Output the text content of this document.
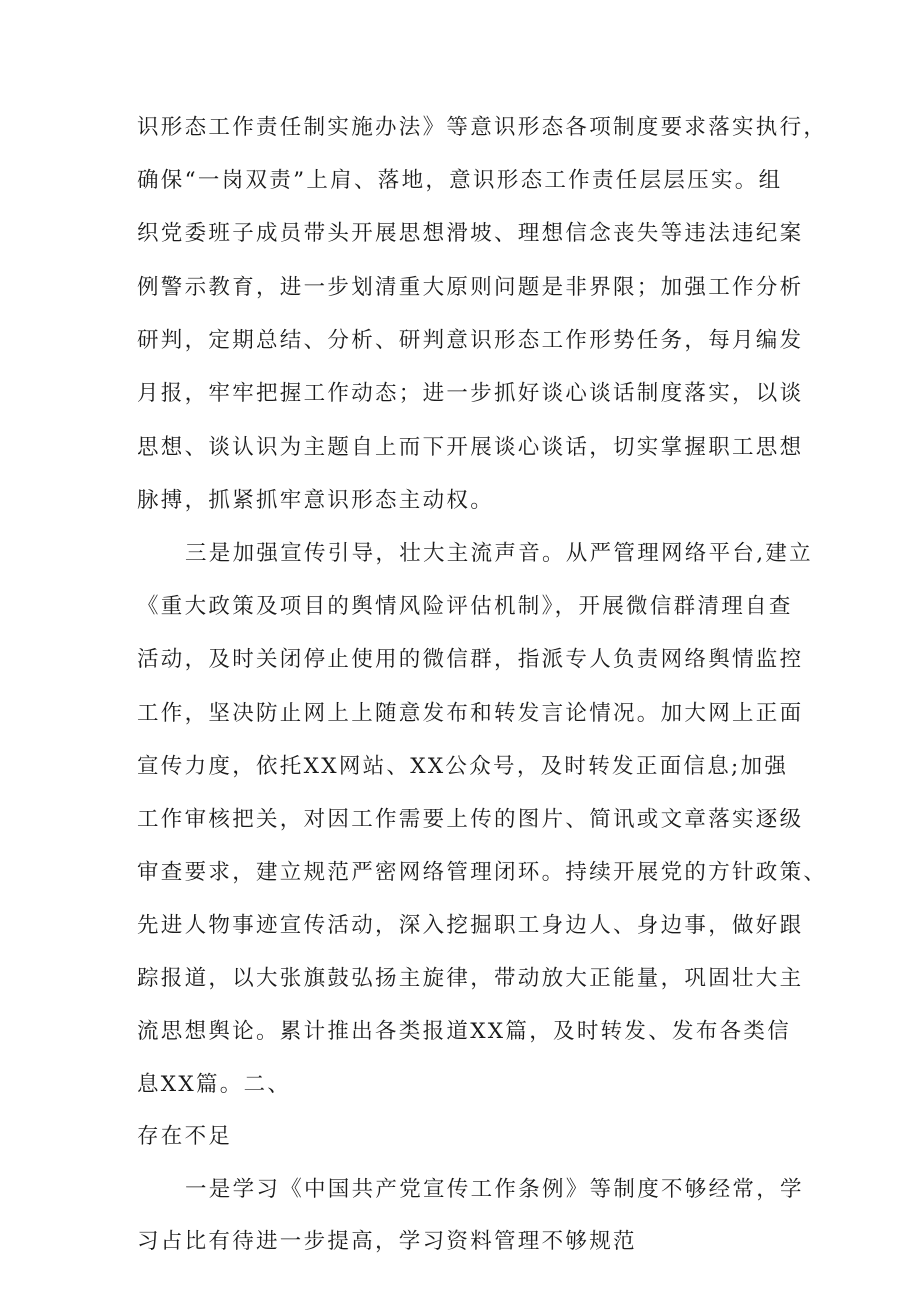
识形态工作责任制实施办法》等意识形态各项制度要求落实执行，
确保“一岗双责”上肩、落地，意识形态工作责任层层压实。组
织党委班子成员带头开展思想滑坡、理想信念丧失等违法违纪案
例警示教育，进一步划清重大原则问题是非界限；加强工作分析
研判，定期总结、分析、研判意识形态工作形势任务，每月编发
月报，牢牢把握工作动态；进一步抓好谈心谈话制度落实，以谈
思想、谈认识为主题自上而下开展谈心谈话，切实掌握职工思想
脉搏，抓紧抓牢意识形态主动权。
三是加强宣传引导，壮大主流声音。从严管理网络平台,建立
《重大政策及项目的舆情风险评估机制》，开展微信群清理自查
活动，及时关闭停止使用的微信群，指派专人负责网络舆情监控
工作，坚决防止网上上随意发布和转发言论情况。加大网上正面
宣传力度，依托XX网站、XX公众号，及时转发正面信息;加强
工作审核把关，对因工作需要上传的图片、简讯或文章落实逐级
审查要求，建立规范严密网络管理闭环。持续开展党的方针政策、
先进人物事迹宣传活动，深入挖掘职工身边人、身边事，做好跟
踪报道，以大张旗鼓弘扬主旋律，带动放大正能量，巩固壮大主
流思想舆论。累计推出各类报道XX篇，及时转发、发布各类信
息XX篇。二、
存在不足
一是学习《中国共产党宣传工作条例》等制度不够经常，学
习占比有待进一步提高，学习资料管理不够规范
